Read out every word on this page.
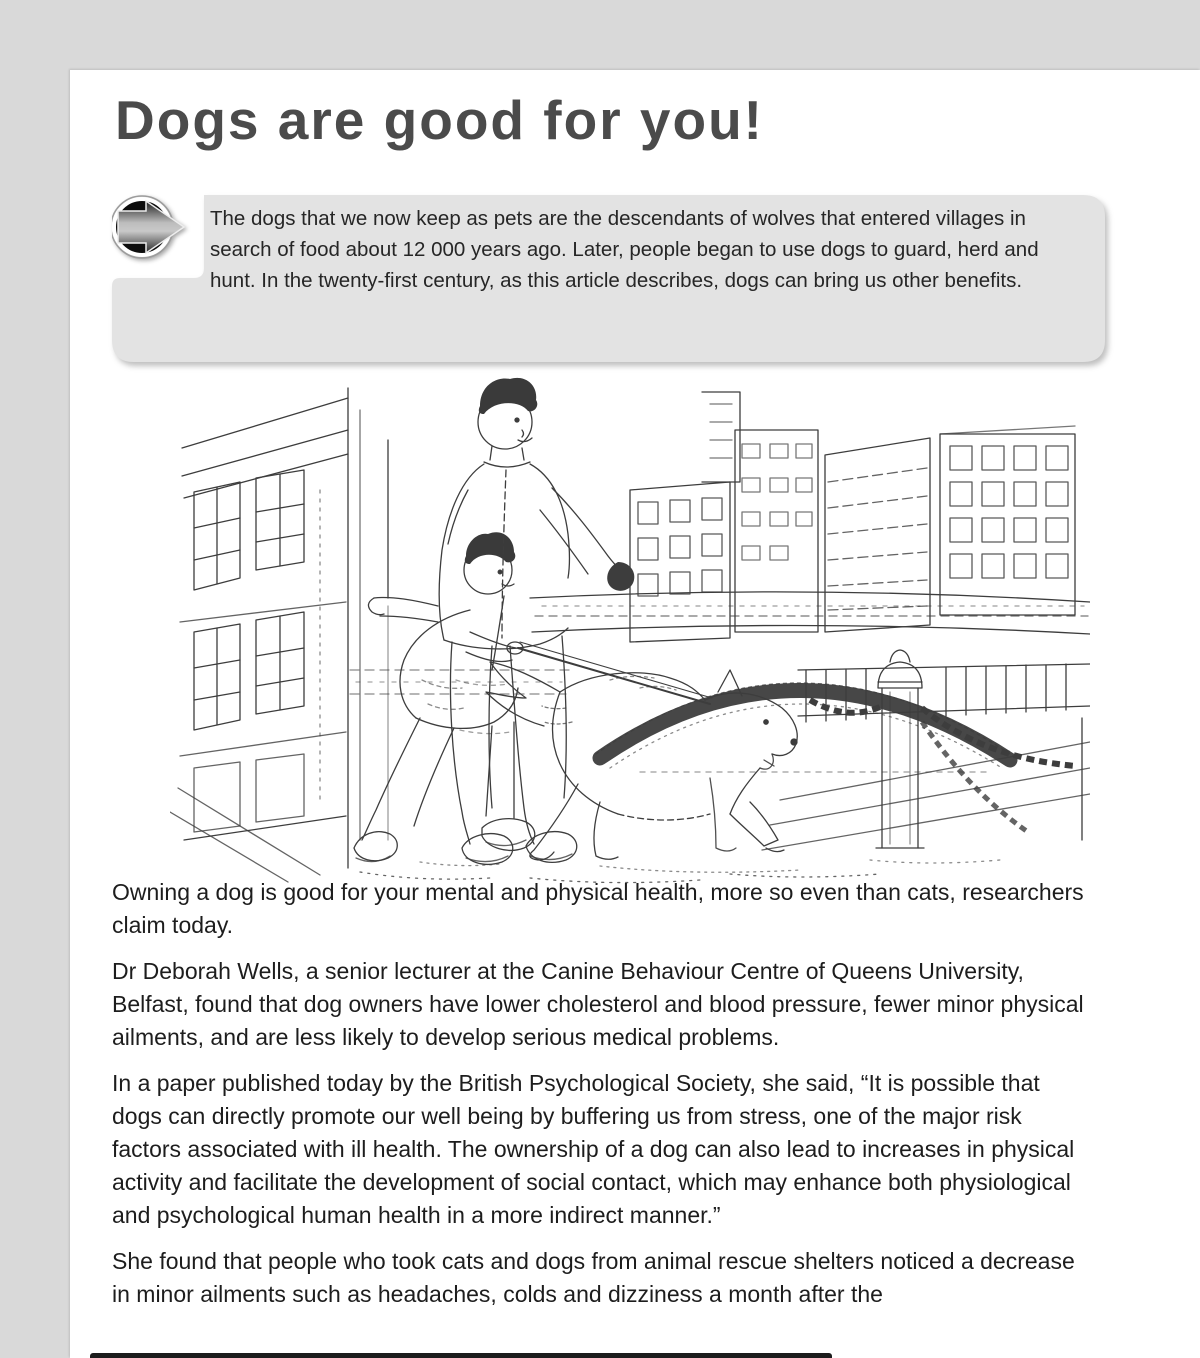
Dogs are good for you!
The dogs that we now keep as pets are the descendants of wolves that entered villages in search of food about 12 000 years ago. Later, people began to use dogs to guard, herd and hunt. In the twenty-first century, as this article describes, dogs can bring us other benefits.

Owning a dog is good for your mental and physical health, more so even than cats, researchers claim today.

Dr Deborah Wells, a senior lecturer at the Canine Behaviour Centre of Queens University, Belfast, found that dog owners have lower cholesterol and blood pressure, fewer minor physical ailments, and are less likely to develop serious medical problems.

In a paper published today by the British Psychological Society, she said, “It is possible that dogs can directly promote our well being by buffering us from stress, one of the major risk factors associated with ill health. The ownership of a dog can also lead to increases in physical activity and facilitate the development of social contact, which may enhance both physiological and psychological human health in a more indirect manner.”

She found that people who took cats and dogs from animal rescue shelters noticed a decrease in minor ailments such as headaches, colds and dizziness a month after the
